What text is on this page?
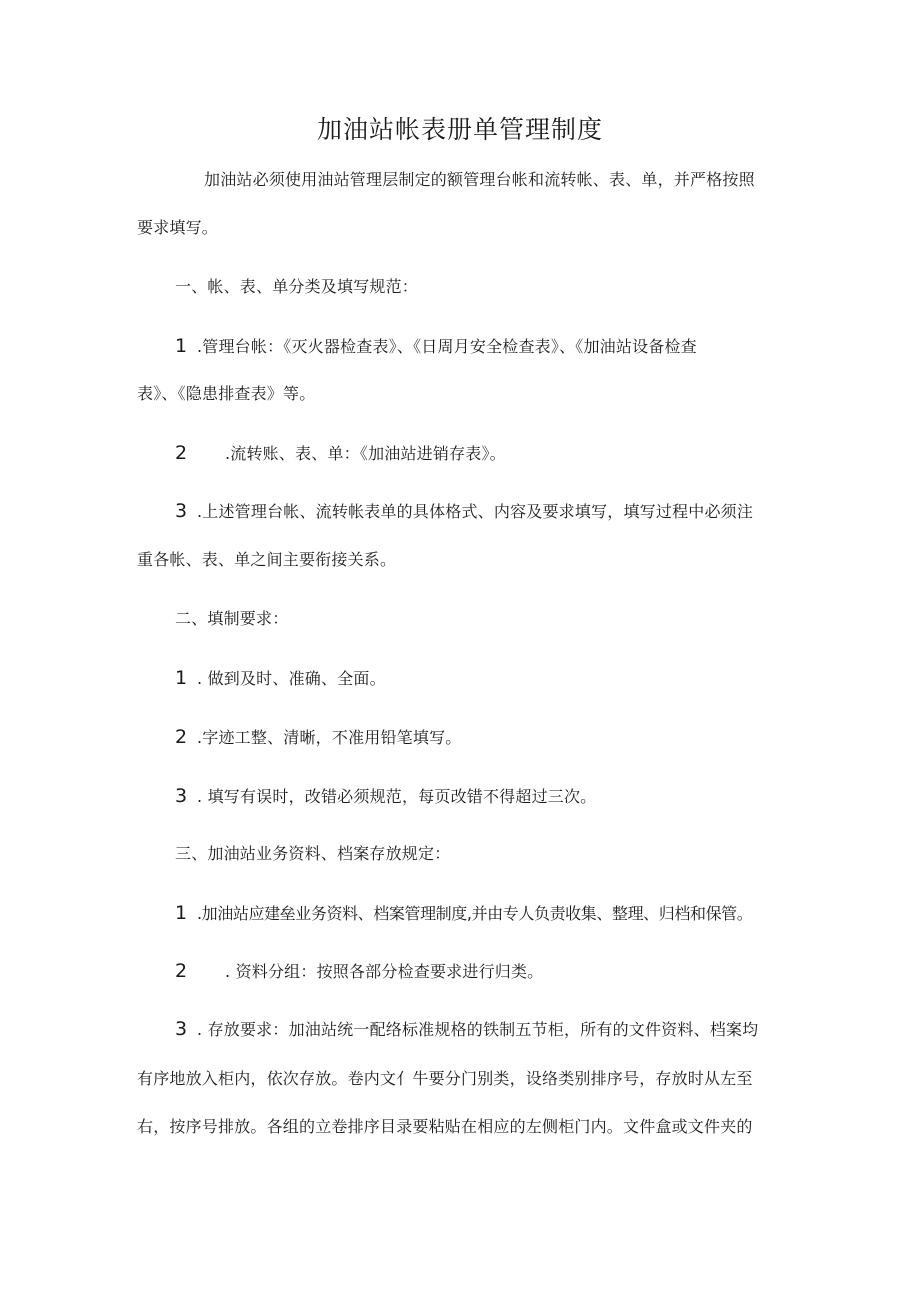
加油站帐表册单管理制度
加油站必须使用油站管理层制定的额管理台帐和流转帐、表、单，并严格按照
要求填写。
一、帐、表、单分类及填写规范：
1 .管理台帐：《灭火器检查表》、《日周月安全检查表》、《加油站设备检查
表》、《隐患排查表》等。
2 .流转账、表、单：《加油站进销存表》。
3 .上述管理台帐、流转帐表单的具体格式、内容及要求填写，填写过程中必须注
重各帐、表、单之间主要衔接关系。
二、填制要求：
1 . 做到及时、准确、全面。
2 .字迹工整、清晰，不准用铅笔填写。
3 . 填写有误时，改错必须规范，每页改错不得超过三次。
三、加油站业务资料、档案存放规定：
1 .加油站应建垒业务资料、档案管理制度,并由专人负责收集、整理、归档和保管。
2 . 资料分组：按照各部分检查要求进行归类。
3 . 存放要求：加油站统一配络标准规格的铁制五节柜，所有的文件资料、档案均
有序地放入柜内，依次存放。卷内文亻牛要分门别类，设络类别排序号，存放时从左至
右，按序号排放。各组的立卷排序目录要粘贴在相应的左侧柜门内。文件盒或文件夹的
